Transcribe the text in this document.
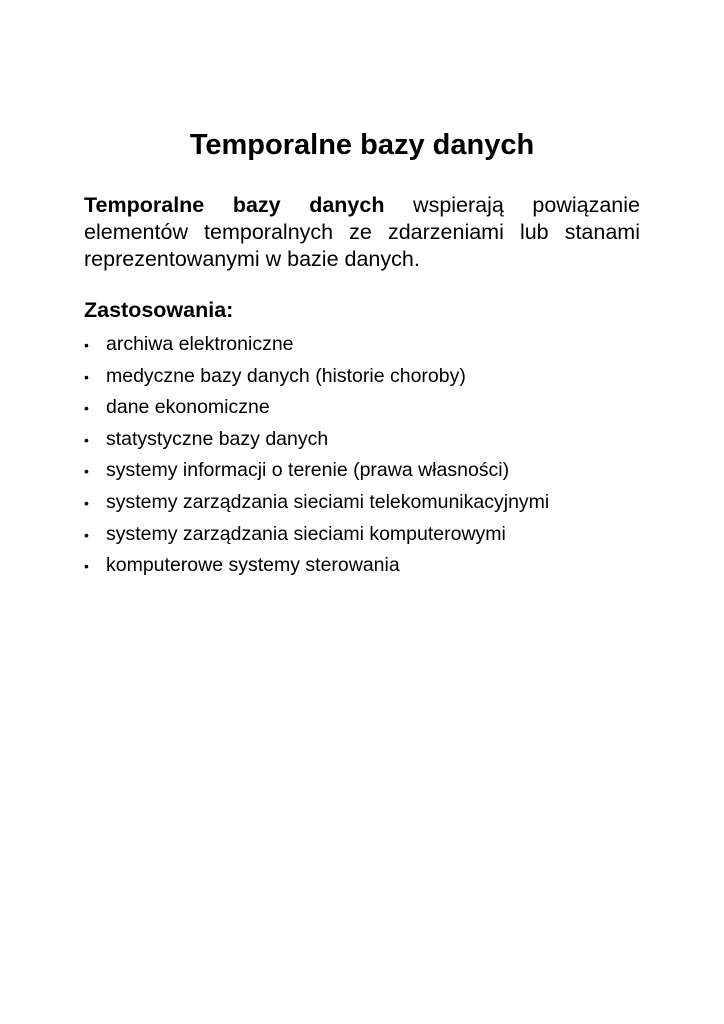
Temporalne bazy danych

Temporalne bazy danych wspierają powiązanie elementów temporalnych ze zdarzeniami lub stanami reprezentowanymi w bazie danych.

Zastosowania:
• archiwa elektroniczne
• medyczne bazy danych (historie choroby)
• dane ekonomiczne
• statystyczne bazy danych
• systemy informacji o terenie (prawa własności)
• systemy zarządzania sieciami telekomunikacyjnymi
• systemy zarządzania sieciami komputerowymi
• komputerowe systemy sterowania
